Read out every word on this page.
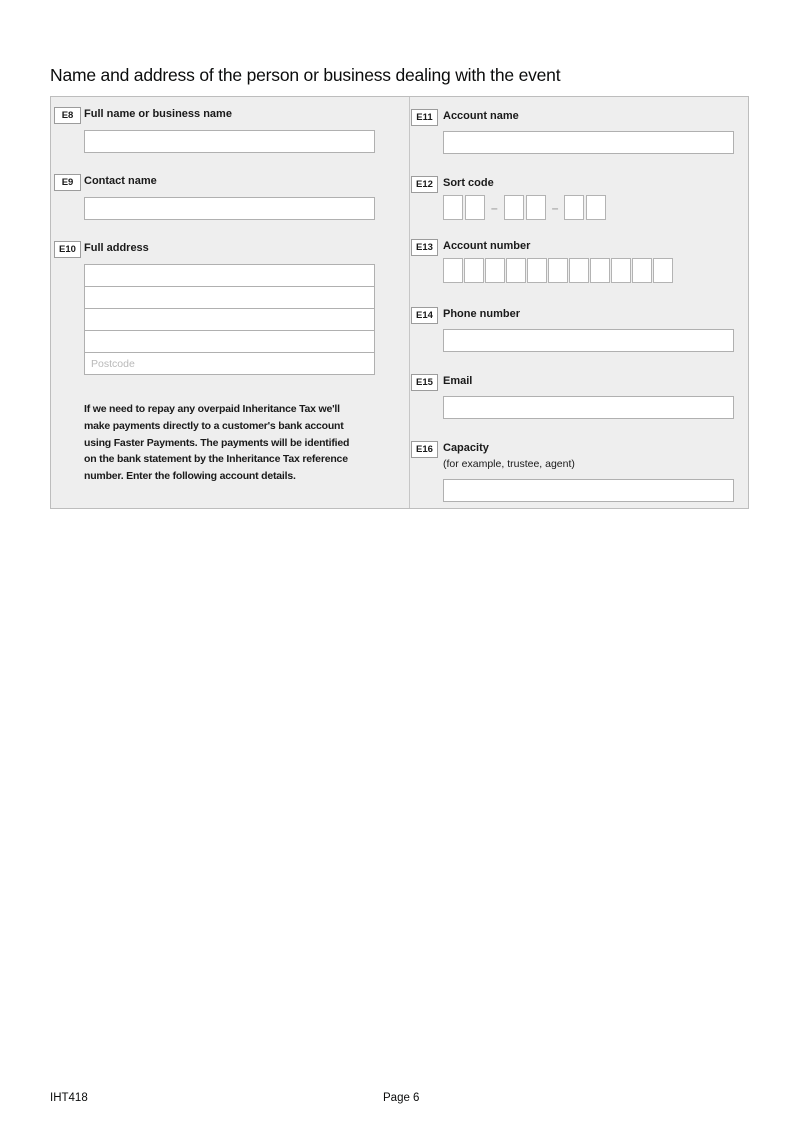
Name and address of the person or business dealing with the event
E8 Full name or business name
E9 Contact name
E10 Full address
Postcode
If we need to repay any overpaid Inheritance Tax we'll
make payments directly to a customer's bank account
using Faster Payments. The payments will be identified
on the bank statement by the Inheritance Tax reference
number. Enter the following account details.
E11 Account name
E12 Sort code
–	–
E13 Account number
E14 Phone number
E15 Email
E16 Capacity
(for example, trustee, agent)
IHT418	Page 6
